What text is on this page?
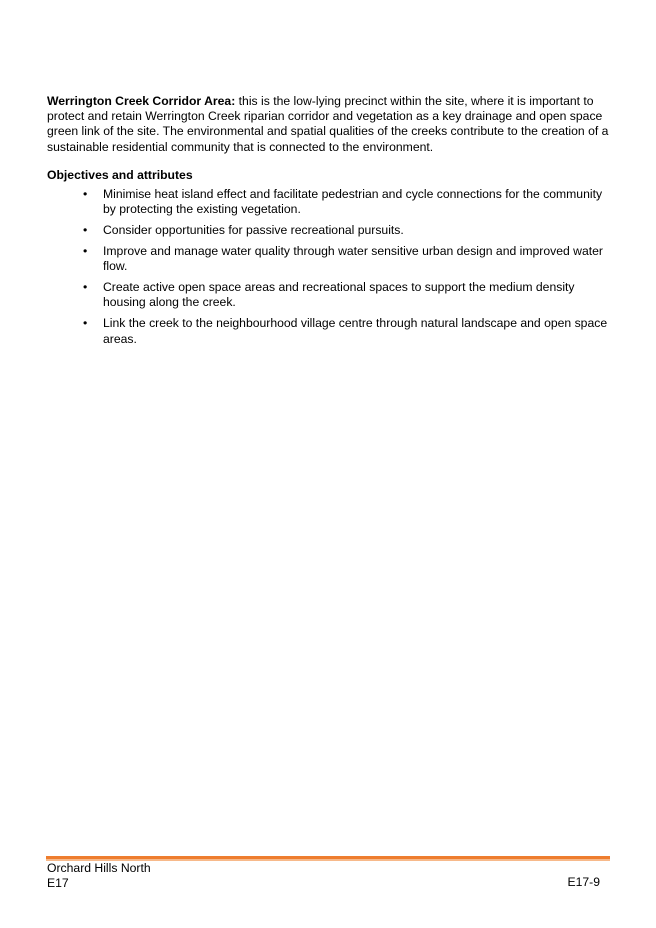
Werrington Creek Corridor Area: this is the low-lying precinct within the site, where it is important to protect and retain Werrington Creek riparian corridor and vegetation as a key drainage and open space green link of the site. The environmental and spatial qualities of the creeks contribute to the creation of a sustainable residential community that is connected to the environment.

Objectives and attributes
• Minimise heat island effect and facilitate pedestrian and cycle connections for the community by protecting the existing vegetation.
• Consider opportunities for passive recreational pursuits.
• Improve and manage water quality through water sensitive urban design and improved water flow.
• Create active open space areas and recreational spaces to support the medium density housing along the creek.
• Link the creek to the neighbourhood village centre through natural landscape and open space areas.
Orchard Hills North
E17	E17-9
